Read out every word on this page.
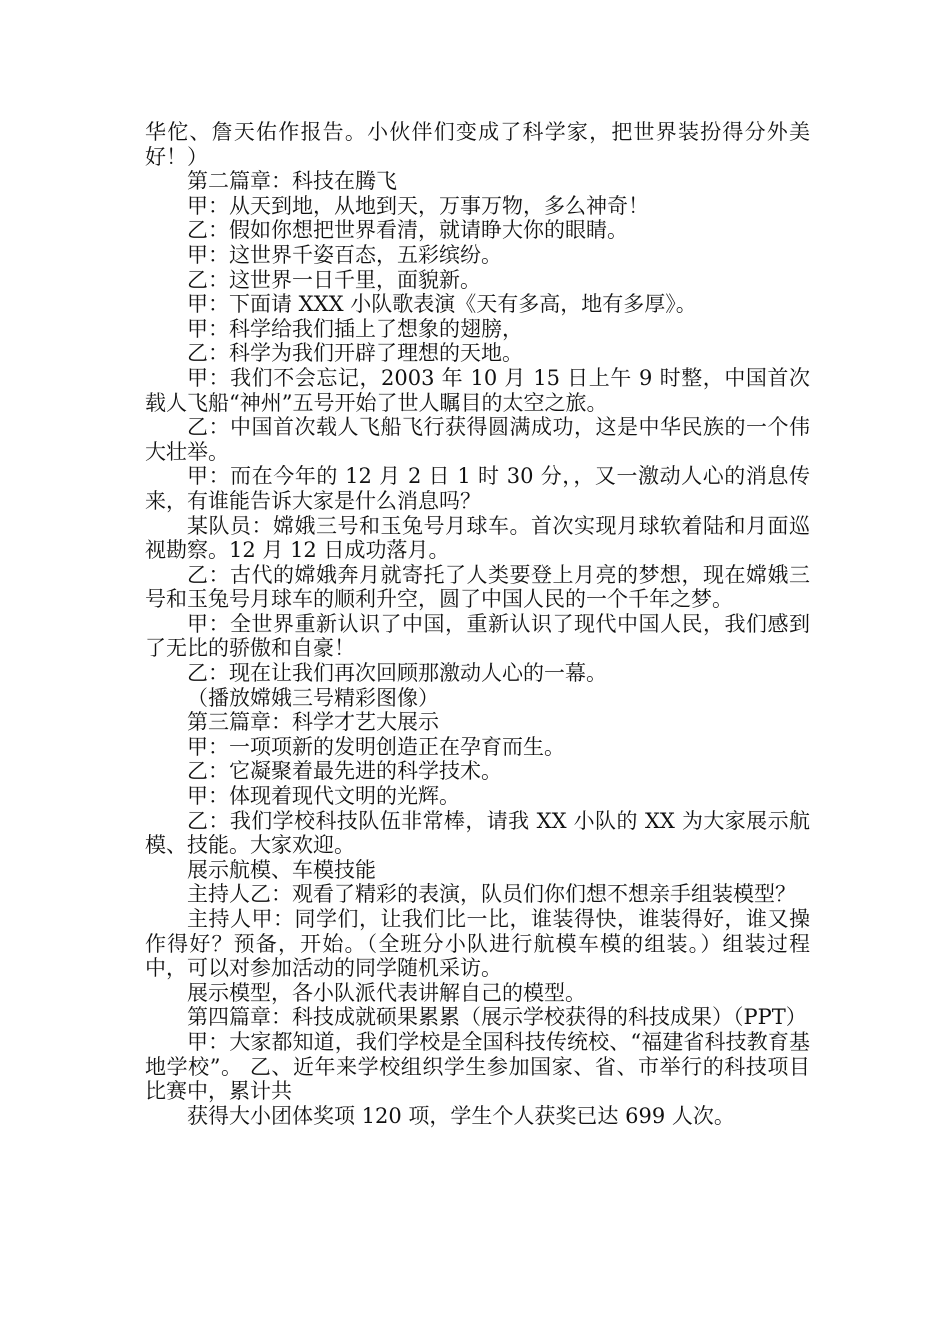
华佗、詹天佑作报告。小伙伴们变成了科学家，把世界装扮得分外美好！）

第二篇章：科技在腾飞

甲：从天到地，从地到天，万事万物，多么神奇！

乙：假如你想把世界看清，就请睁大你的眼睛。

甲：这世界千姿百态，五彩缤纷。

乙：这世界一日千里，面貌新。

甲：下面请 XXX 小队歌表演《天有多高，地有多厚》。

甲：科学给我们插上了想象的翅膀，

乙：科学为我们开辟了理想的天地。

甲：我们不会忘记，2003 年 10 月 15 日上午 9 时整，中国首次载人飞船“神州”五号开始了世人瞩目的太空之旅。

乙：中国首次载人飞船飞行获得圆满成功，这是中华民族的一个伟大壮举。

甲：而在今年的 12 月 2 日 1 时 30 分，，又一激动人心的消息传来，有谁能告诉大家是什么消息吗？

某队员：嫦娥三号和玉兔号月球车。首次实现月球软着陆和月面巡视勘察。12 月 12 日成功落月。

乙：古代的嫦娥奔月就寄托了人类要登上月亮的梦想，现在嫦娥三号和玉兔号月球车的顺利升空，圆了中国人民的一个千年之梦。

甲：全世界重新认识了中国，重新认识了现代中国人民，我们感到了无比的骄傲和自豪！

乙：现在让我们再次回顾那激动人心的一幕。

（播放嫦娥三号精彩图像）

第三篇章：科学才艺大展示

甲：一项项新的发明创造正在孕育而生。

乙：它凝聚着最先进的科学技术。

甲：体现着现代文明的光辉。

乙：我们学校科技队伍非常棒，请我 XX 小队的 XX 为大家展示航模、技能。大家欢迎。

展示航模、车模技能

主持人乙：观看了精彩的表演，队员们你们想不想亲手组装模型？

主持人甲：同学们，让我们比一比，谁装得快，谁装得好，谁又操作得好？预备，开始。（全班分小队进行航模车模的组装。）组装过程中，可以对参加活动的同学随机采访。

展示模型，各小队派代表讲解自己的模型。

第四篇章：科技成就硕果累累（展示学校获得的科技成果）（PPT）

甲：大家都知道，我们学校是全国科技传统校、“福建省科技教育基地学校”。 乙、近年来学校组织学生参加国家、省、市举行的科技项目比赛中，累计共

获得大小团体奖项 120 项，学生个人获奖已达 699 人次。
